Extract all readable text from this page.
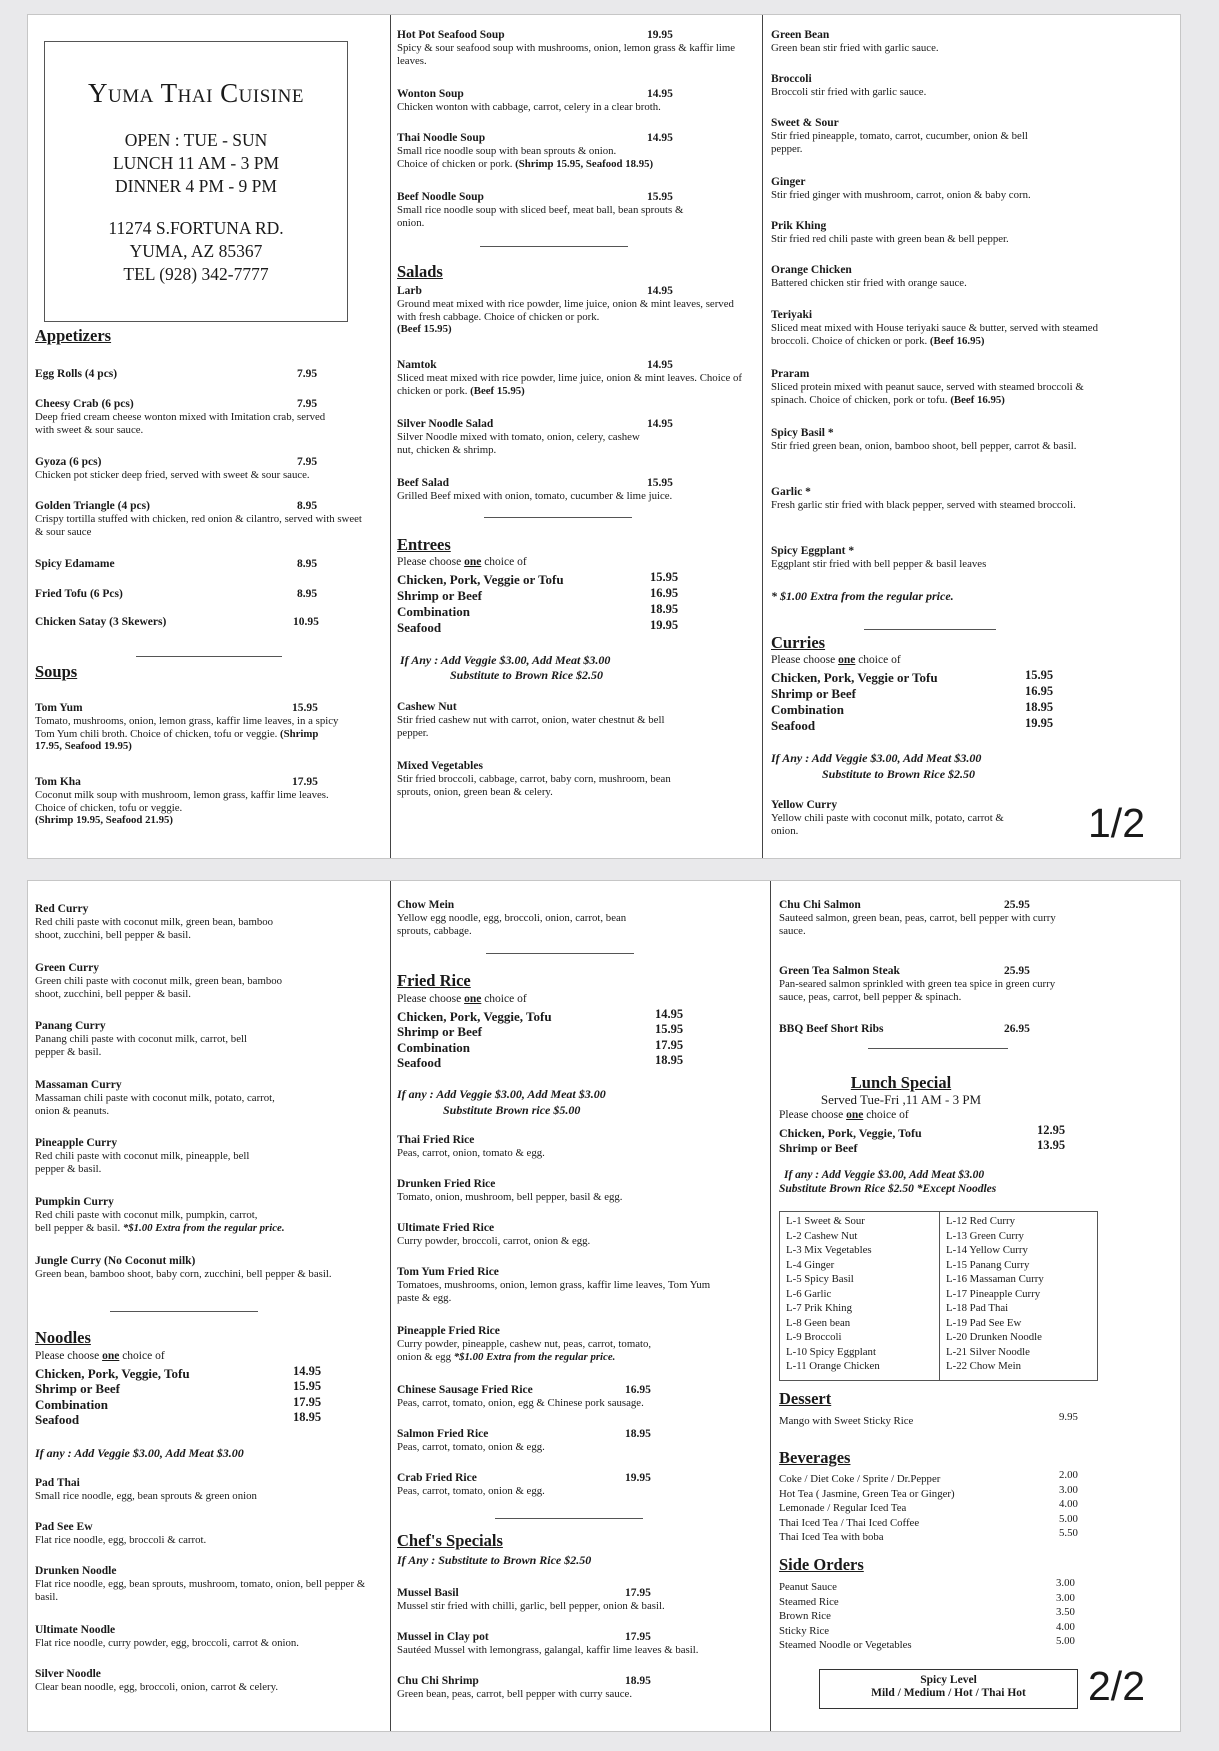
Yuma Thai Cuisine
OPEN : TUE - SUN
LUNCH 11 AM - 3 PM
DINNER 4 PM - 9 PM
11274 S.FORTUNA RD.
YUMA, AZ 85367
TEL (928) 342-7777
Appetizers
Egg Rolls (4 pcs)	7.95
Cheesy Crab (6 pcs)	7.95
Deep fried cream cheese wonton mixed with Imitation crab, served with sweet & sour sauce.
Gyoza (6 pcs)	7.95
Chicken pot sticker deep fried, served with sweet & sour sauce.
Golden Triangle (4 pcs)	8.95
Crispy tortilla stuffed with chicken, red onion & cilantro, served with sweet & sour sauce
Spicy Edamame	8.95
Fried Tofu (6 Pcs)	8.95
Chicken Satay (3 Skewers)	10.95
Soups
Tom Yum	15.95
Tomato, mushrooms, onion, lemon grass, kaffir lime leaves, in a spicy Tom Yum chili broth. Choice of chicken, tofu or veggie. (Shrimp 17.95, Seafood 19.95)
Tom Kha	17.95
Coconut milk soup with mushroom, lemon grass, kaffir lime leaves. Choice of chicken, tofu or veggie.
(Shrimp 19.95, Seafood 21.95)
Hot Pot Seafood Soup	19.95
Spicy & sour seafood soup with mushrooms, onion, lemon grass & kaffir lime leaves.
Wonton Soup	14.95
Chicken wonton with cabbage, carrot, celery in a clear broth.
Thai Noodle Soup	14.95
Small rice noodle soup with bean sprouts & onion.
Choice of chicken or pork. (Shrimp 15.95, Seafood 18.95)
Beef Noodle Soup	15.95
Small rice noodle soup with sliced beef, meat ball, bean sprouts & onion.
Salads
Larb	14.95
Ground meat mixed with rice powder, lime juice, onion & mint leaves, served with fresh cabbage. Choice of chicken or pork.
(Beef 15.95)
Namtok	14.95
Sliced meat mixed with rice powder, lime juice, onion & mint leaves. Choice of chicken or pork. (Beef 15.95)
Silver Noodle Salad	14.95
Silver Noodle mixed with tomato, onion, celery, cashew nut, chicken & shrimp.
Beef Salad	15.95
Grilled Beef mixed with onion, tomato, cucumber & lime juice.
Entrees
Please choose one choice of
Chicken, Pork, Veggie or Tofu	15.95
Shrimp or Beef	16.95
Combination	18.95
Seafood	19.95
If Any : Add Veggie $3.00, Add Meat $3.00
Substitute to Brown Rice $2.50
Cashew Nut
Stir fried cashew nut with carrot, onion, water chestnut & bell pepper.
Mixed Vegetables
Stir fried broccoli, cabbage, carrot, baby corn, mushroom, bean sprouts, onion, green bean & celery.
Green Bean
Green bean stir fried with garlic sauce.
Broccoli
Broccoli stir fried with garlic sauce.
Sweet & Sour
Stir fried pineapple, tomato, carrot, cucumber, onion & bell pepper.
Ginger
Stir fried ginger with mushroom, carrot, onion & baby corn.
Prik Khing
Stir fried red chili paste with green bean & bell pepper.
Orange Chicken
Battered chicken stir fried with orange sauce.
Teriyaki
Sliced meat mixed with House teriyaki sauce & butter, served with steamed broccoli. Choice of chicken or pork. (Beef 16.95)
Praram
Sliced protein mixed with peanut sauce, served with steamed broccoli & spinach. Choice of chicken, pork or tofu. (Beef 16.95)
Spicy Basil *
Stir fried green bean, onion, bamboo shoot, bell pepper, carrot & basil.
Garlic *
Fresh garlic stir fried with black pepper, served with steamed broccoli.
Spicy Eggplant *
Eggplant stir fried with bell pepper & basil leaves
* $1.00 Extra from the regular price.
Curries
Please choose one choice of
Chicken, Pork, Veggie or Tofu	15.95
Shrimp or Beef	16.95
Combination	18.95
Seafood	19.95
If Any : Add Veggie $3.00, Add Meat $3.00
Substitute to Brown Rice $2.50
Yellow Curry
Yellow chili paste with coconut milk, potato, carrot & onion.	1/2
Red Curry
Red chili paste with coconut milk, green bean, bamboo shoot, zucchini, bell pepper & basil.
Green Curry
Green chili paste with coconut milk, green bean, bamboo shoot, zucchini, bell pepper & basil.
Panang Curry
Panang chili paste with coconut milk, carrot, bell pepper & basil.
Massaman Curry
Massaman chili paste with coconut milk, potato, carrot, onion & peanuts.
Pineapple Curry
Red chili paste with coconut milk, pineapple, bell pepper & basil.
Pumpkin Curry
Red chili paste with coconut milk, pumpkin, carrot,
bell pepper & basil. *$1.00 Extra from the regular price.
Jungle Curry (No Coconut milk)
Green bean, bamboo shoot, baby corn, zucchini, bell pepper & basil.
Noodles
Please choose one choice of
Chicken, Pork, Veggie, Tofu	14.95
Shrimp or Beef	15.95
Combination	17.95
Seafood	18.95
If any : Add Veggie $3.00, Add Meat $3.00
Pad Thai
Small rice noodle, egg, bean sprouts & green onion
Pad See Ew
Flat rice noodle, egg, broccoli & carrot.
Drunken Noodle
Flat rice noodle, egg, bean sprouts, mushroom, tomato, onion, bell pepper & basil.
Ultimate Noodle
Flat rice noodle, curry powder, egg, broccoli, carrot & onion.
Silver Noodle
Clear bean noodle, egg, broccoli, onion, carrot & celery.
Chow Mein
Yellow egg noodle, egg, broccoli, onion, carrot, bean sprouts, cabbage.
Fried Rice
Please choose one choice of
Chicken, Pork, Veggie, Tofu	14.95
Shrimp or Beef	15.95
Combination	17.95
Seafood	18.95
If any : Add Veggie $3.00, Add Meat $3.00
Substitute Brown rice $5.00
Thai Fried Rice
Peas, carrot, onion, tomato & egg.
Drunken Fried Rice
Tomato, onion, mushroom, bell pepper, basil & egg.
Ultimate Fried Rice
Curry powder, broccoli, carrot, onion & egg.
Tom Yum Fried Rice
Tomatoes, mushrooms, onion, lemon grass, kaffir lime leaves, Tom Yum paste & egg.
Pineapple Fried Rice
Curry powder, pineapple, cashew nut, peas, carrot, tomato,
onion & egg *$1.00 Extra from the regular price.
Chinese Sausage Fried Rice	16.95
Peas, carrot, tomato, onion, egg & Chinese pork sausage.
Salmon Fried Rice	18.95
Peas, carrot, tomato, onion & egg.
Crab Fried Rice	19.95
Peas, carrot, tomato, onion & egg.
Chef's Specials
If Any : Substitute to Brown Rice $2.50
Mussel Basil	17.95
Mussel stir fried with chilli, garlic, bell pepper, onion & basil.
Mussel in Clay pot	17.95
Sautéed Mussel with lemongrass, galangal, kaffir lime leaves & basil.
Chu Chi Shrimp	18.95
Green bean, peas, carrot, bell pepper with curry sauce.
Chu Chi Salmon	25.95
Sauteed salmon, green bean, peas, carrot, bell pepper with curry sauce.
Green Tea Salmon Steak	25.95
Pan-seared salmon sprinkled with green tea spice in green curry sauce, peas, carrot, bell pepper & spinach.
BBQ Beef Short Ribs	26.95
Lunch Special
Served Tue-Fri ,11 AM - 3 PM
Please choose one choice of
Chicken, Pork, Veggie, Tofu	12.95
Shrimp or Beef	13.95
If any : Add Veggie $3.00, Add Meat $3.00
Substitute Brown Rice $2.50 *Except Noodles
L-1 Sweet & Sour
L-2 Cashew Nut
L-3 Mix Vegetables
L-4 Ginger
L-5 Spicy Basil
L-6 Garlic
L-7 Prik Khing
L-8 Geen bean
L-9 Broccoli
L-10 Spicy Eggplant
L-11 Orange Chicken
L-12 Red Curry
L-13 Green Curry
L-14 Yellow Curry
L-15 Panang Curry
L-16 Massaman Curry
L-17 Pineapple Curry
L-18 Pad Thai
L-19 Pad See Ew
L-20 Drunken Noodle
L-21 Silver Noodle
L-22 Chow Mein
Dessert
Mango with Sweet Sticky Rice	9.95
Beverages
Coke / Diet Coke / Sprite / Dr.Pepper	2.00
Hot Tea ( Jasmine, Green Tea or Ginger)	3.00
Lemonade / Regular Iced Tea	4.00
Thai Iced Tea / Thai Iced Coffee	5.00
Thai Iced Tea with boba	5.50
Side Orders
Peanut Sauce	3.00
Steamed Rice	3.00
Brown Rice	3.50
Sticky Rice	4.00
Steamed Noodle or Vegetables	5.00
Spicy Level
Mild / Medium / Hot / Thai Hot	2/2
